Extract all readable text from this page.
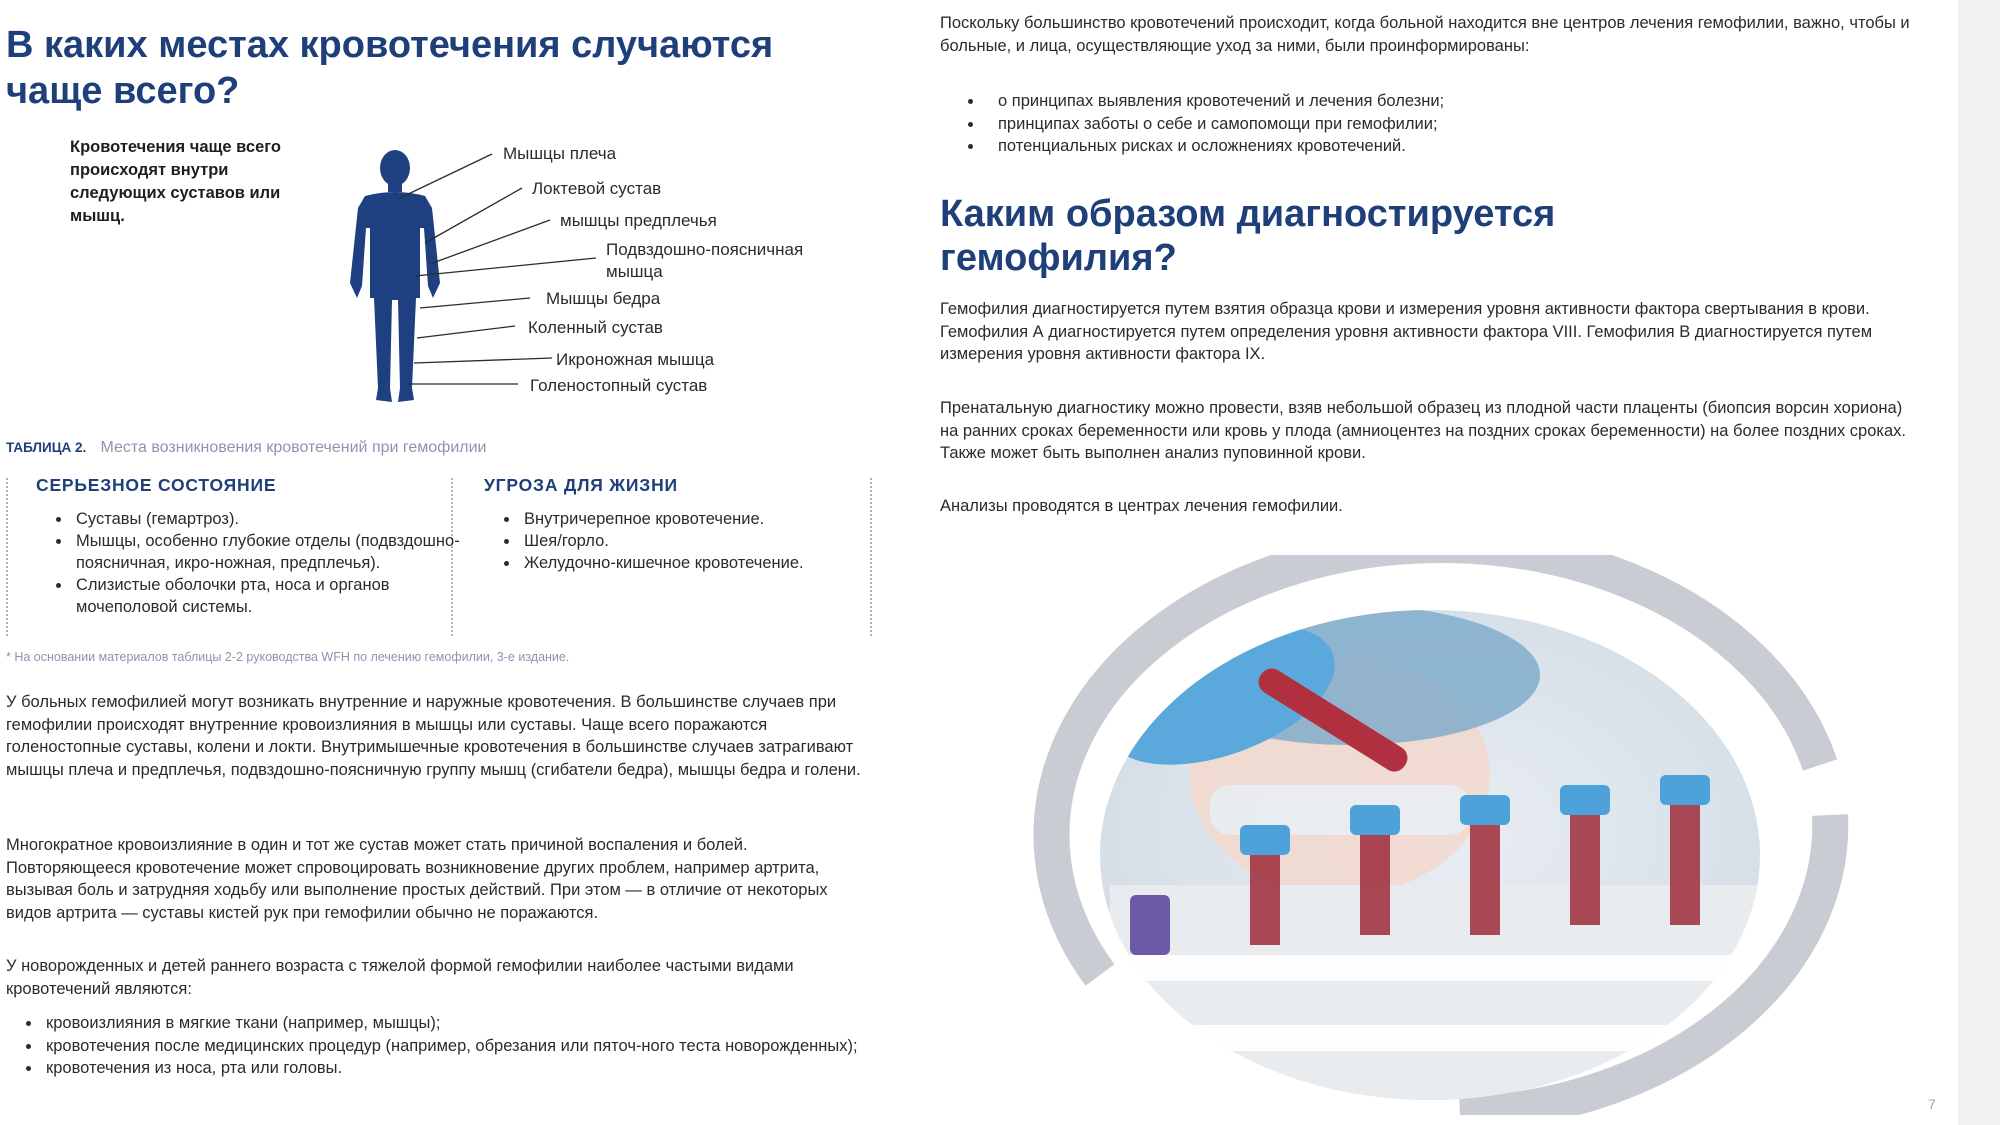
В каких местах кровотечения случаются
чаще всего?
Кровотечения чаще всего происходят внутри следующих суставов или мышц.
Мышцы плеча
Локтевой сустав
мышцы предплечья
Подвздошно-поясничная
мышца
Мышцы бедра
Коленный сустав
Икроножная мышца
Голеностопный сустав
ТАБЛИЦА 2. Места возникновения кровотечений при гемофилии
СЕРЬЕЗНОЕ СОСТОЯНИЕ
• Суставы (гемартроз).
• Мышцы, особенно глубокие отделы (подвздошно-поясничная, икро-ножная, предплечья).
• Слизистые оболочки рта, носа и органов мочеполовой системы.
УГРОЗА ДЛЯ ЖИЗНИ
• Внутричерепное кровотечение.
• Шея/горло.
• Желудочно-кишечное кровотечение.
* На основании материалов таблицы 2-2 руководства WFH по лечению гемофилии, 3-е издание.
У больных гемофилией могут возникать внутренние и наружные кровотечения. В большинстве случаев при гемофилии происходят внутренние кровоизлияния в мышцы или суставы. Чаще всего поражаются голеностопные суставы, колени и локти. Внутримышечные кровотечения в большинстве случаев затрагивают мышцы плеча и предплечья, подвздошно-поясничную группу мышц (сгибатели бедра), мышцы бедра и голени.
Многократное кровоизлияние в один и тот же сустав может стать причиной воспаления и болей. Повторяющееся кровотечение может спровоцировать возникновение других проблем, например артрита, вызывая боль и затрудняя ходьбу или выполнение простых действий. При этом — в отличие от некоторых видов артрита — суставы кистей рук при гемофилии обычно не поражаются.
У новорожденных и детей раннего возраста с тяжелой формой гемофилии наиболее частыми видами кровотечений являются:
• кровоизлияния в мягкие ткани (например, мышцы);
• кровотечения после медицинских процедур (например, обрезания или пяточ-ного теста новорожденных);
• кровотечения из носа, рта или головы.
Поскольку большинство кровотечений происходит, когда больной находится вне центров лечения гемофилии, важно, чтобы и больные, и лица, осуществляющие уход за ними, были проинформированы:
• о принципах выявления кровотечений и лечения болезни;
• принципах заботы о себе и самопомощи при гемофилии;
• потенциальных рисках и осложнениях кровотечений.
Каким образом диагностируется
гемофилия?
Гемофилия диагностируется путем взятия образца крови и измерения уровня активности фактора свертывания в крови. Гемофилия А диагностируется путем определения уровня активности фактора VIII. Гемофилия В диагностируется путем измерения уровня активности фактора IX.
Пренатальную диагностику можно провести, взяв небольшой образец из плодной части плаценты (биопсия ворсин хориона) на ранних сроках беременности или кровь у плода (амниоцентез на поздних сроках беременности) на более поздних сроках. Также может быть выполнен анализ пуповинной крови.
Анализы проводятся в центрах лечения гемофилии.
7
